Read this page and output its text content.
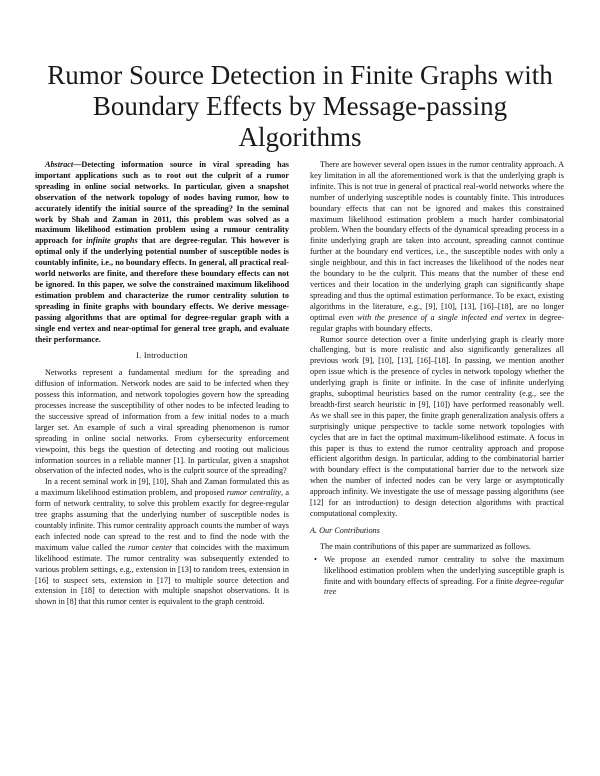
Rumor Source Detection in Finite Graphs with Boundary Effects by Message-passing Algorithms

Abstract—Detecting information source in viral spreading has important applications such as to root out the culprit of a rumor spreading in online social networks. In particular, given a snapshot observation of the network topology of nodes having rumor, how to accurately identify the initial source of the spreading? In the seminal work by Shah and Zaman in 2011, this problem was solved as a maximum likelihood estimation problem using a rumour centrality approach for infinite graphs that are degree-regular. This however is optimal only if the underlying potential number of susceptible nodes is countably infinite, i.e., no boundary effects. In general, all practical real-world networks are finite, and therefore these boundary effects can not be ignored. In this paper, we solve the constrained maximum likelihood estimation problem and characterize the rumor centrality solution to spreading in finite graphs with boundary effects. We derive message-passing algorithms that are optimal for degree-regular graph with a single end vertex and near-optimal for general tree graph, and evaluate their performance.

I. Introduction

Networks represent a fundamental medium for the spreading and diffusion of information. Network nodes are said to be infected when they possess this information, and network topologies govern how the spreading processes increase the susceptibility of other nodes to be infected leading to the successive spread of information from a few initial nodes to a much larger set. An example of such a viral spreading phenomenon is rumor spreading in online social networks. From cybersecurity enforcement viewpoint, this begs the question of detecting and rooting out malicious information sources in a reliable manner [1]. In particular, given a snapshot observation of the infected nodes, who is the culprit source of the spreading?

In a recent seminal work in [9], [10], Shah and Zaman formulated this as a maximum likelihood estimation problem, and proposed rumor centrality, a form of network centrality, to solve this problem exactly for degree-regular tree graphs assuming that the underlying number of susceptible nodes is countably infinite. This rumor centrality approach counts the number of ways each infected node can spread to the rest and to find the node with the maximum value called the rumor center that coincides with the maximum likelihood estimate. The rumor centrality was subsequently extended to various problem settings, e.g., extension in [13] to random trees, extension in [16] to suspect sets, extension in [17] to multiple source detection and extension in [18] to detection with multiple snapshot observations. It is shown in [8] that this rumor center is equivalent to the graph centroid.

There are however several open issues in the rumor centrality approach. A key limitation in all the aforementioned work is that the underlying graph is infinite. This is not true in general of practical real-world networks where the number of underlying susceptible nodes is countably finite. This introduces boundary effects that can not be ignored and makes this constrained maximum likelihood estimation problem a much harder combinatorial problem. When the boundary effects of the dynamical spreading process in a finite underlying graph are taken into account, spreading cannot continue further at the boundary end vertices, i.e., the susceptible nodes with only a single neighbour, and this in fact increases the likelihood of the nodes near the boundary to be the culprit. This means that the number of these end vertices and their location in the underlying graph can significantly shape spreading and thus the optimal estimation performance. To be exact, existing algorithms in the literature, e.g., [9], [10], [13], [16]–[18], are no longer optimal even with the presence of a single infected end vertex in degree-regular graphs with boundary effects.

Rumor source detection over a finite underlying graph is clearly more challenging, but is more realistic and also significantly generalizes all previous work [9], [10], [13], [16]–[18]. In passing, we mention another open issue which is the presence of cycles in network topology whether the underlying graph is finite or infinite. In the case of infinite underlying graphs, suboptimal heuristics based on the rumor centrality (e.g., see the breadth-first search heuristic in [9], [10]) have performed reasonably well. As we shall see in this paper, the finite graph generalization analysis offers a surprisingly unique perspective to tackle some network topologies with cycles that are in fact the optimal maximum-likelihood estimate. A focus in this paper is thus to extend the rumor centrality approach and propose efficient algorithm design. In particular, adding to the combinatorial barrier with boundary effect is the computational barrier due to the network size when the number of infected nodes can be very large or asymptotically approach infinity. We investigate the use of message passing algorithms (see [12] for an introduction) to design detection algorithms with practical computational complexity.

A. Our Contributions

The main contributions of this paper are summarized as follows.

• We propose an exended rumor centrality to solve the maximum likelihood estimation problem when the underlying susceptible graph is finite and with boundary effects of spreading. For a finite degree-regular tree
